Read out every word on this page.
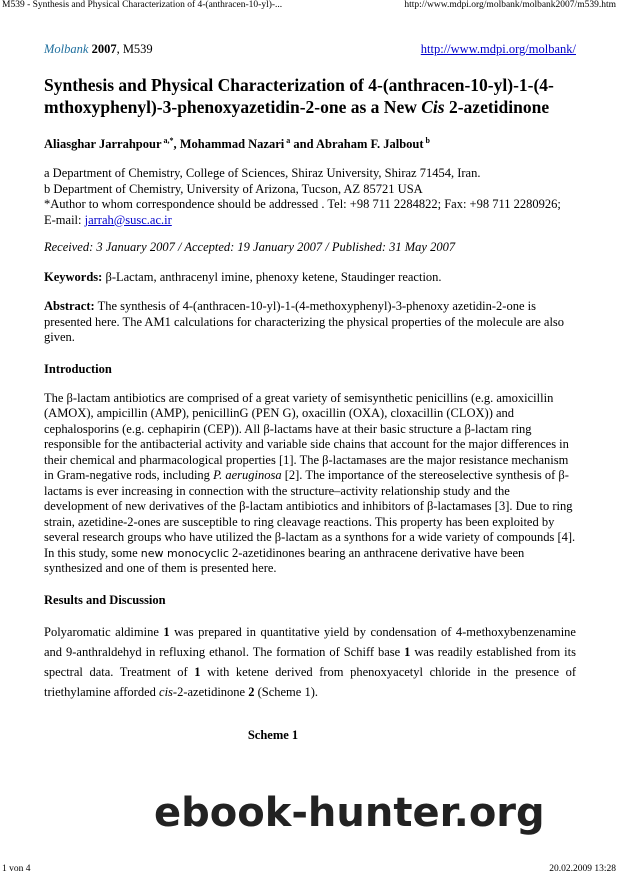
M539 - Synthesis and Physical Characterization of 4-(anthracen-10-yl)-...	http://www.mdpi.org/molbank/molbank2007/m539.htm
Molbank 2007, M539	http://www.mdpi.org/molbank/
Synthesis and Physical Characterization of 4-(anthracen-10-yl)-1-(4-mthoxyphenyl)-3-phenoxyazetidin-2-one as a New Cis 2-azetidinone
Aliasghar Jarrahpour $^{a,*}$, Mohammad Nazari $^a$ and Abraham F. Jalbout $^b$
a Department of Chemistry, College of Sciences, Shiraz University, Shiraz 71454, Iran.
b Department of Chemistry, University of Arizona, Tucson, AZ 85721 USA
*Author to whom correspondence should be addressed . Tel: +98 711 2284822; Fax: +98 711 2280926;
E-mail: jarrah@susc.ac.ir
Received: 3 January 2007 / Accepted: 19 January 2007 / Published: 31 May 2007
Keywords: β-Lactam, anthracenyl imine, phenoxy ketene, Staudinger reaction.
Abstract: The synthesis of 4-(anthracen-10-yl)-1-(4-methoxyphenyl)-3-phenoxy azetidin-2-one is presented here. The AM1 calculations for characterizing the physical properties of the molecule are also given.
Introduction
The β-lactam antibiotics are comprised of a great variety of semisynthetic penicillins (e.g. amoxicillin (AMOX), ampicillin (AMP), penicillinG (PEN G), oxacillin (OXA), cloxacillin (CLOX)) and cephalosporins (e.g. cephapirin (CEP)). All β-lactams have at their basic structure a β-lactam ring responsible for the antibacterial activity and variable side chains that account for the major differences in their chemical and pharmacological properties [1]. The β-lactamases are the major resistance mechanism in Gram-negative rods, including P. aeruginosa [2]. The importance of the stereoselective synthesis of β-lactams is ever increasing in connection with the structure–activity relationship study and the development of new derivatives of the β-lactam antibiotics and inhibitors of β-lactamases [3]. Due to ring strain, azetidine-2-ones are susceptible to ring cleavage reactions. This property has been exploited by several research groups who have utilized the β-lactam as a synthons for a wide variety of compounds [4]. In this study, some new monocyclic 2-azetidinones bearing an anthracene derivative have been synthesized and one of them is presented here.
Results and Discussion
Polyaromatic aldimine 1 was prepared in quantitative yield by condensation of 4-methoxybenzenamine and 9-anthraldehyd in refluxing ethanol. The formation of Schiff base 1 was readily established from its spectral data. Treatment of 1 with ketene derived from phenoxyacetyl chloride in the presence of triethylamine afforded cis-2-azetidinone 2 (Scheme 1).
Scheme 1
ebook-hunter.org
1 von 4	20.02.2009 13:28
